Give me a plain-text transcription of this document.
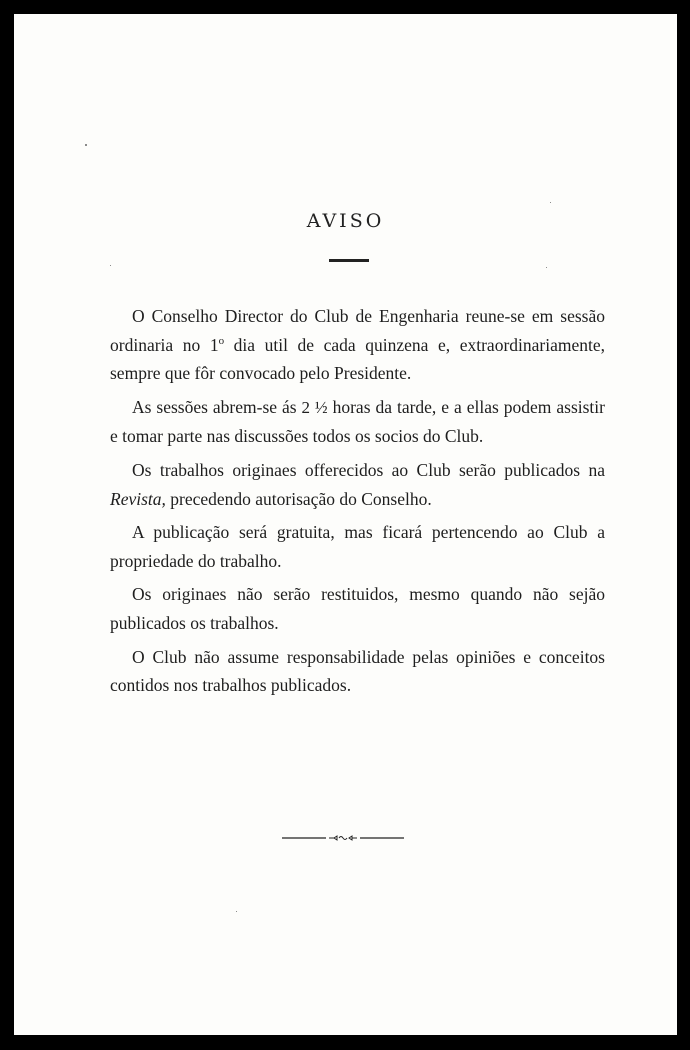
AVISO

O Conselho Director do Club de Engenharia reune-se em sessão ordinaria no 1$^o$ dia util de cada quinzena e, extraordinariamente, sempre que fôr convocado pelo Presidente.

As sessões abrem-se ás 2 ½ horas da tarde, e a ellas podem assistir e tomar parte nas discussões todos os socios do Club.

Os trabalhos originaes offerecidos ao Club serão publicados na Revista, precedendo autorisação do Conselho.

A publicação será gratuita, mas ficará pertencendo ao Club a propriedade do trabalho.

Os originaes não serão restituidos, mesmo quando não sejão publicados os trabalhos.

O Club não assume responsabilidade pelas opiniões e conceitos contidos nos trabalhos publicados.
